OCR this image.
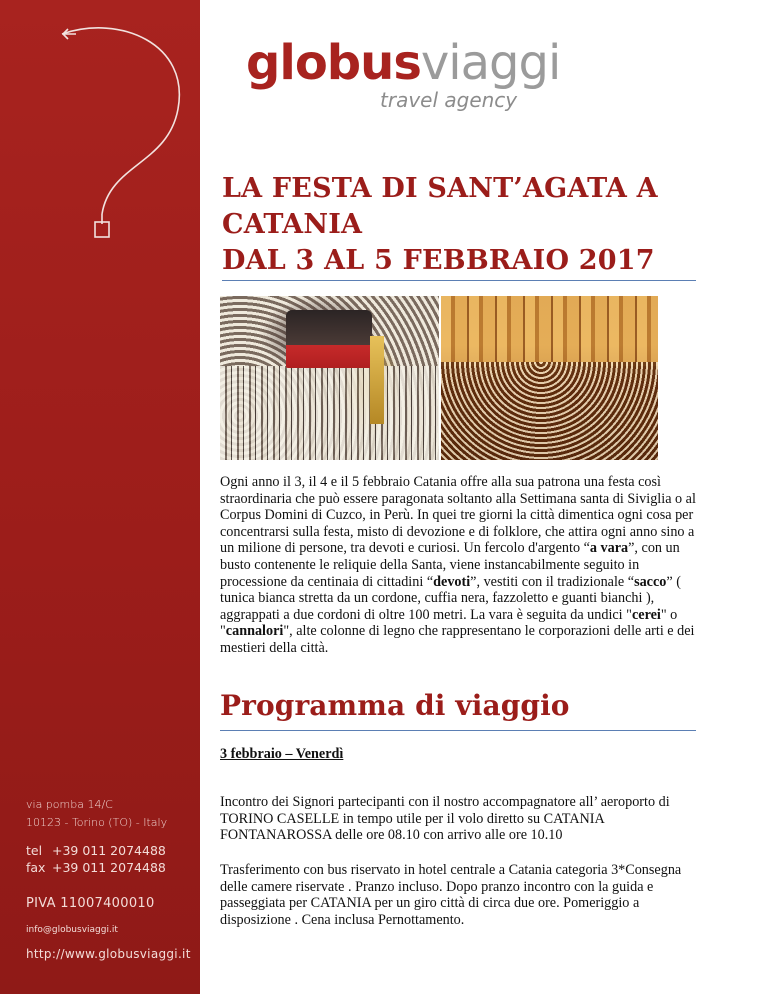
via pomba 14/C
10123 - Torino (TO) - Italy
tel +39 011 2074488
fax +39 011 2074488
PIVA 11007400010
info@globusviaggi.it
http://www.globusviaggi.it
globusviaggi
travel agency
LA FESTA DI SANT’AGATA A
CATANIA
DAL 3 AL 5 FEBBRAIO 2017

Ogni anno il 3, il 4 e il 5 febbraio Catania offre alla sua patrona una festa così straordinaria che può essere paragonata soltanto alla Settimana santa di Siviglia o al Corpus Domini di Cuzco, in Perù. In quei tre giorni la città dimentica ogni cosa per concentrarsi sulla festa, misto di devozione e di folklore, che attira ogni anno sino a un milione di persone, tra devoti e curiosi. Un fercolo d'argento “a vara”, con un busto contenente le reliquie della Santa, viene instancabilmente seguito in processione da centinaia di cittadini “devoti”, vestiti con il tradizionale “sacco” ( tunica bianca stretta da un cordone, cuffia nera, fazzoletto e guanti bianchi ), aggrappati a due cordoni di oltre 100 metri. La vara è seguita da undici "cerei" o "cannalori", alte colonne di legno che rappresentano le corporazioni delle arti e dei mestieri della città.

Programma di viaggio
3 febbraio – Venerdì

Incontro dei Signori partecipanti con il nostro accompagnatore all’ aeroporto di TORINO CASELLE in tempo utile per il volo diretto su CATANIA FONTANAROSSA delle ore 08.10 con arrivo alle ore 10.10

Trasferimento con bus riservato in hotel centrale a Catania categoria 3*Consegna delle camere riservate . Pranzo incluso. Dopo pranzo incontro con la guida e passeggiata per CATANIA per un giro città di circa due ore. Pomeriggio a disposizione . Cena inclusa Pernottamento.
